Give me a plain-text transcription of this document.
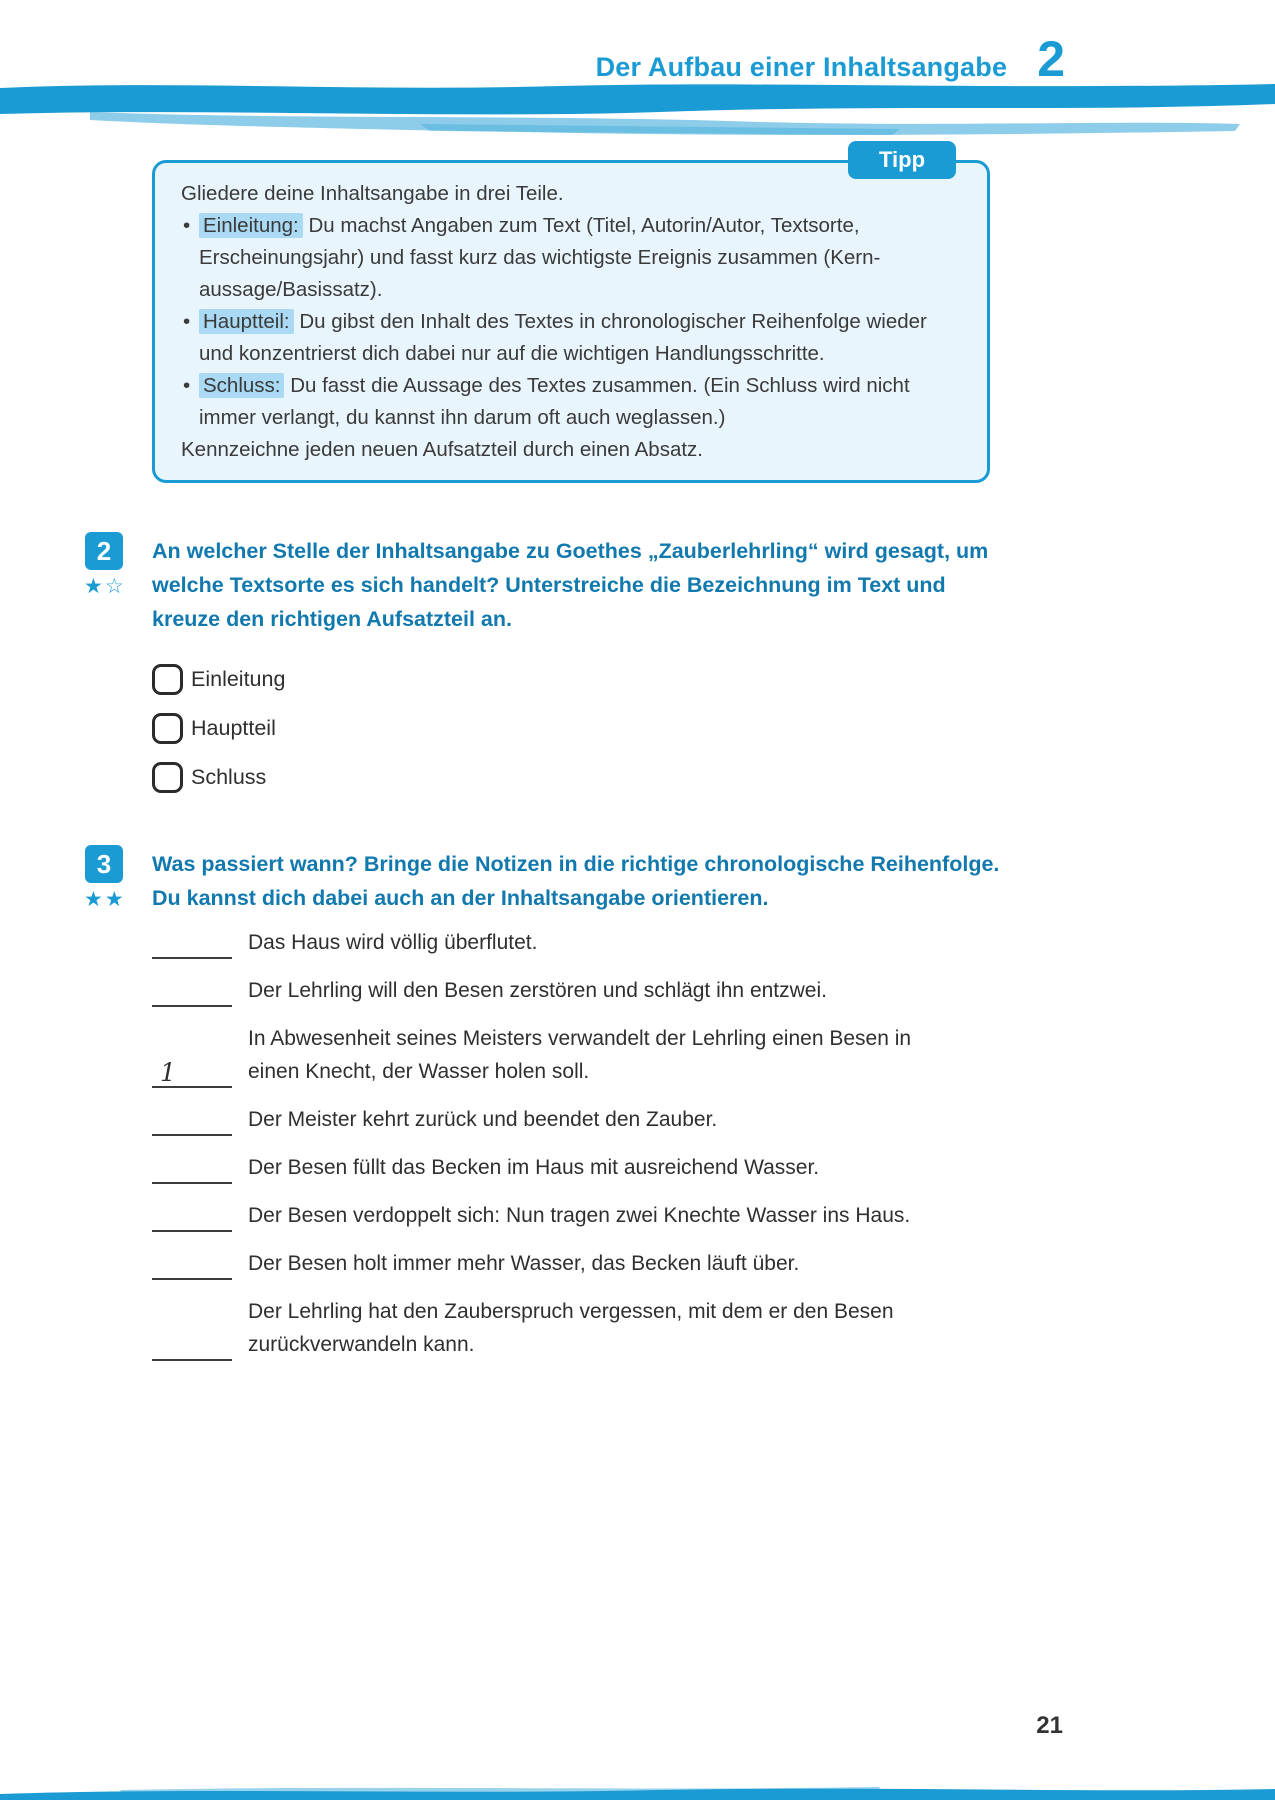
Der Aufbau einer Inhaltsangabe 2
Tipp
Gliedere deine Inhaltsangabe in drei Teile.
• Einleitung: Du machst Angaben zum Text (Titel, Autorin/Autor, Textsorte, Erscheinungsjahr) und fasst kurz das wichtigste Ereignis zusammen (Kernaussage/Basissatz).
• Hauptteil: Du gibst den Inhalt des Textes in chronologischer Reihenfolge wieder und konzentrierst dich dabei nur auf die wichtigen Handlungsschritte.
• Schluss: Du fasst die Aussage des Textes zusammen. (Ein Schluss wird nicht immer verlangt, du kannst ihn darum oft auch weglassen.)
Kennzeichne jeden neuen Aufsatzteil durch einen Absatz.
2
★☆
An welcher Stelle der Inhaltsangabe zu Goethes „Zauberlehrling“ wird gesagt, um welche Textsorte es sich handelt? Unterstreiche die Bezeichnung im Text und kreuze den richtigen Aufsatzteil an.
Einleitung
Hauptteil
Schluss
3
★★
Was passiert wann? Bringe die Notizen in die richtige chronologische Reihenfolge. Du kannst dich dabei auch an der Inhaltsangabe orientieren.
Das Haus wird völlig überflutet.
Der Lehrling will den Besen zerstören und schlägt ihn entzwei.
1
In Abwesenheit seines Meisters verwandelt der Lehrling einen Besen in einen Knecht, der Wasser holen soll.
Der Meister kehrt zurück und beendet den Zauber.
Der Besen füllt das Becken im Haus mit ausreichend Wasser.
Der Besen verdoppelt sich: Nun tragen zwei Knechte Wasser ins Haus.
Der Besen holt immer mehr Wasser, das Becken läuft über.
Der Lehrling hat den Zauberspruch vergessen, mit dem er den Besen zurückverwandeln kann.
21
